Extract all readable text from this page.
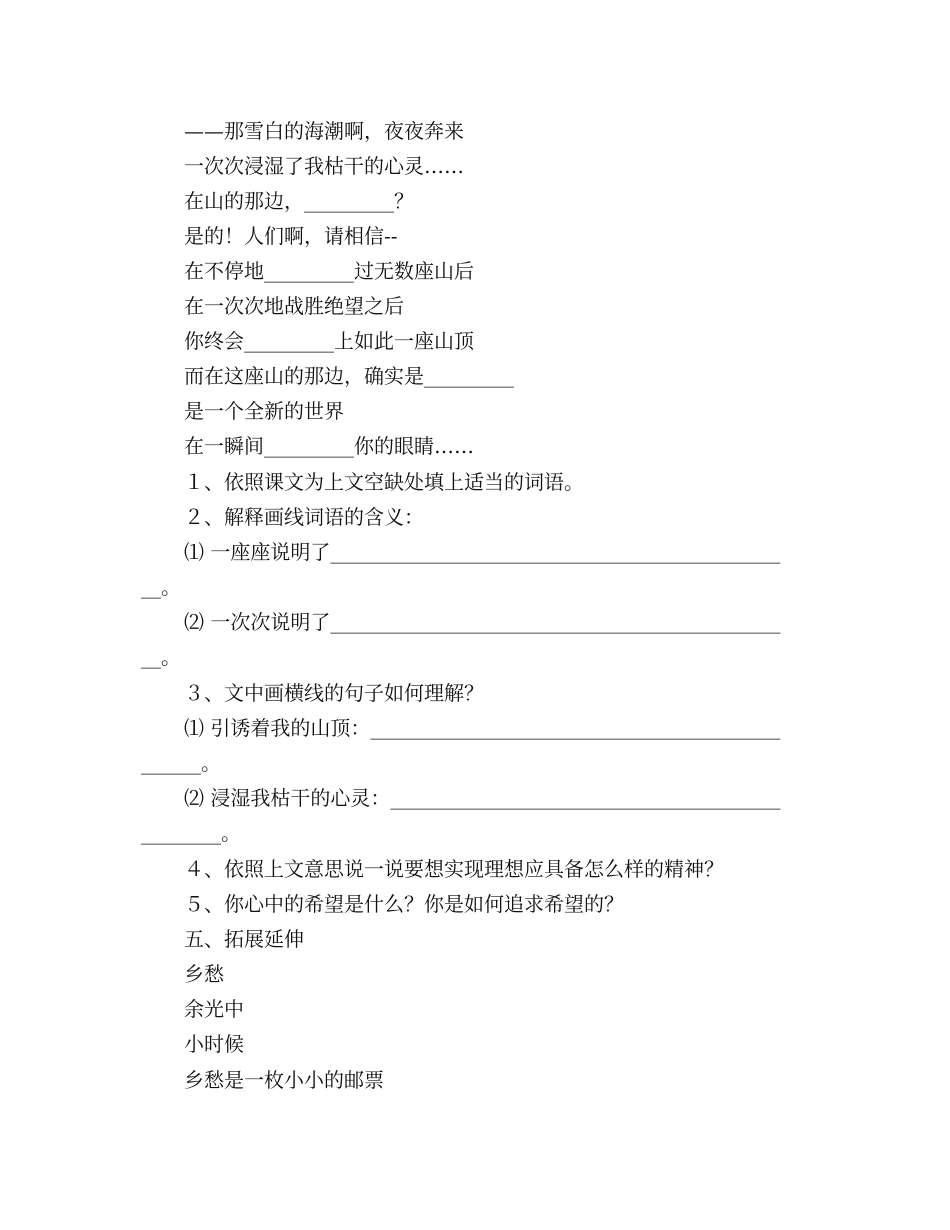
——那雪白的海潮啊，夜夜奔来
一次次浸湿了我枯干的心灵……
在山的那边，_________？
是的！人们啊，请相信--
在不停地_________过无数座山后
在一次次地战胜绝望之后
你终会_________上如此一座山顶
而在这座山的那边，确实是_________
是一个全新的世界
在一瞬间_________你的眼睛……
１、依照课文为上文空缺处填上适当的词语。
２、解释画线词语的含义：
⑴ 一座座说明了_____________________________________________
__。
⑵ 一次次说明了_____________________________________________
__。
３、文中画横线的句子如何理解？
⑴ 引诱着我的山顶：_________________________________________
______。
⑵ 浸湿我枯干的心灵：_______________________________________
________。
４、依照上文意思说一说要想实现理想应具备怎么样的精神？
５、你心中的希望是什么？你是如何追求希望的？
五、拓展延伸
乡愁
余光中
小时候
乡愁是一枚小小的邮票
